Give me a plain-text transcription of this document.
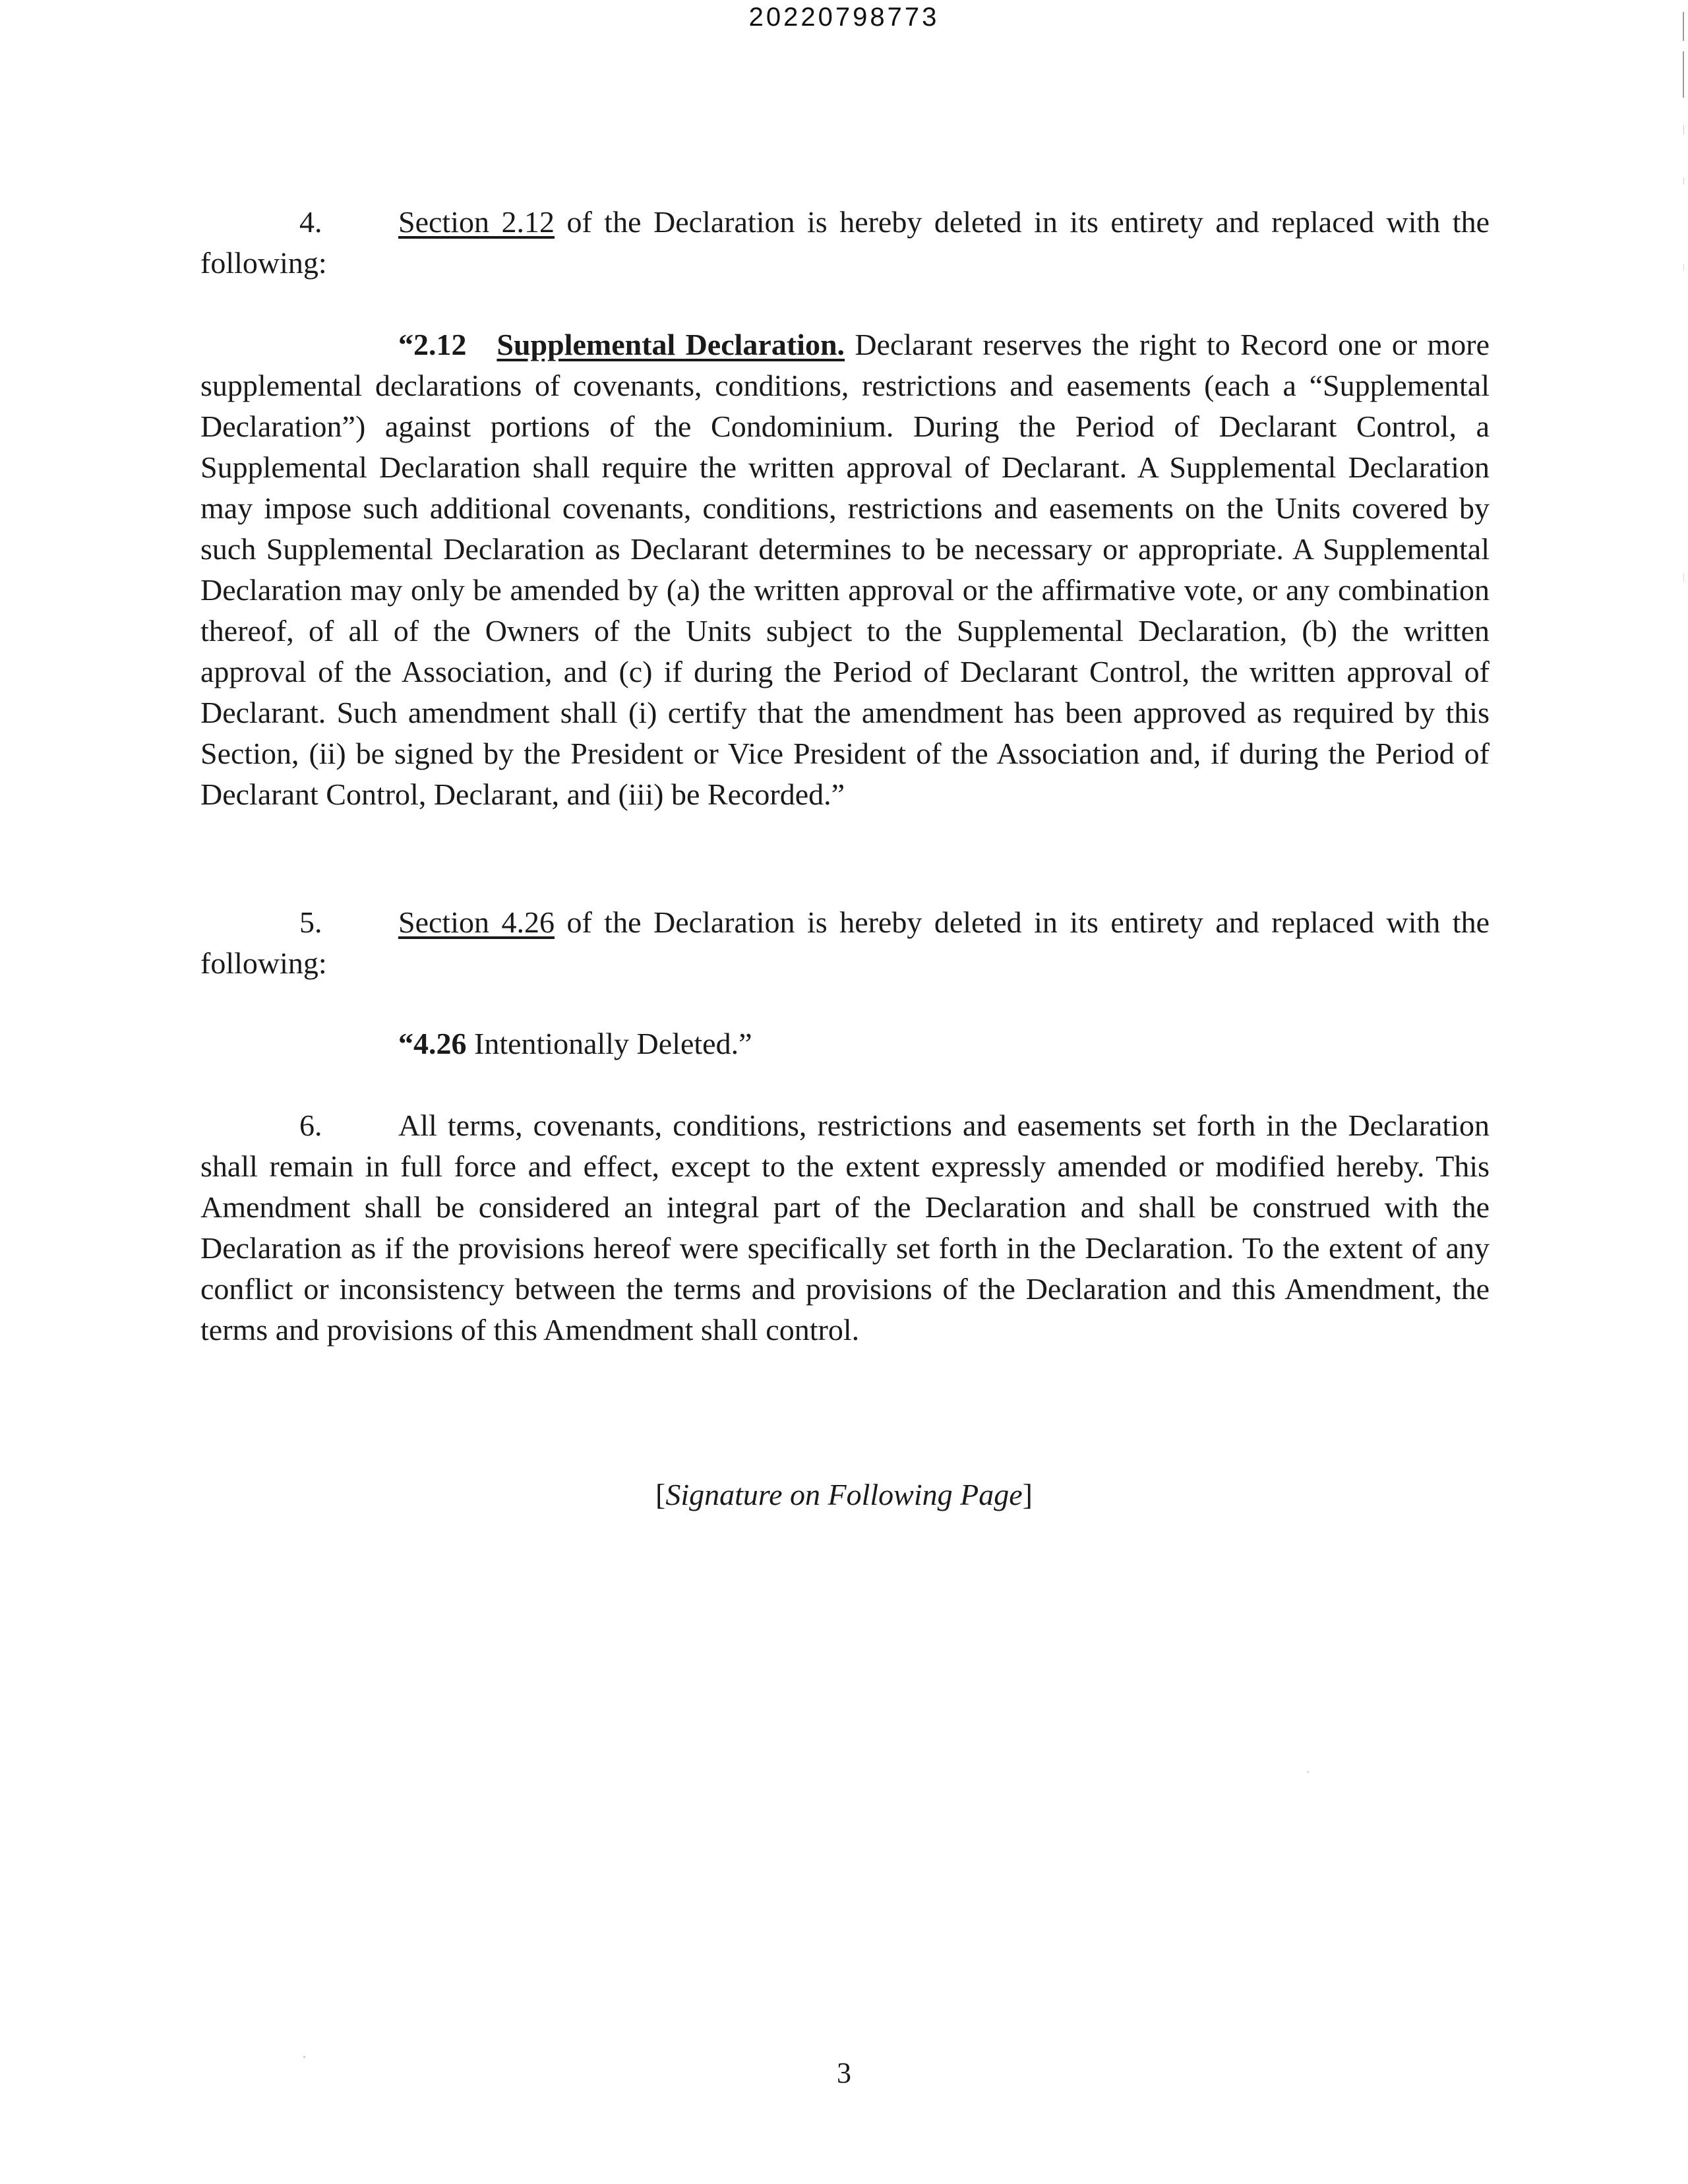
20220798773

4.	Section 2.12 of the Declaration is hereby deleted in its entirety and replaced with the following:

“2.12 Supplemental Declaration. Declarant reserves the right to Record one or more supplemental declarations of covenants, conditions, restrictions and easements (each a “Supplemental Declaration”) against portions of the Condominium. During the Period of Declarant Control, a Supplemental Declaration shall require the written approval of Declarant. A Supplemental Declaration may impose such additional covenants, conditions, restrictions and easements on the Units covered by such Supplemental Declaration as Declarant determines to be necessary or appropriate. A Supplemental Declaration may only be amended by (a) the written approval or the affirmative vote, or any combination thereof, of all of the Owners of the Units subject to the Supplemental Declaration, (b) the written approval of the Association, and (c) if during the Period of Declarant Control, the written approval of Declarant. Such amendment shall (i) certify that the amendment has been approved as required by this Section, (ii) be signed by the President or Vice President of the Association and, if during the Period of Declarant Control, Declarant, and (iii) be Recorded.”

5.	Section 4.26 of the Declaration is hereby deleted in its entirety and replaced with the following:

“4.26 Intentionally Deleted.”

6.	All terms, covenants, conditions, restrictions and easements set forth in the Declaration shall remain in full force and effect, except to the extent expressly amended or modified hereby. This Amendment shall be considered an integral part of the Declaration and shall be construed with the Declaration as if the provisions hereof were specifically set forth in the Declaration. To the extent of any conflict or inconsistency between the terms and provisions of the Declaration and this Amendment, the terms and provisions of this Amendment shall control.

[Signature on Following Page]
3
